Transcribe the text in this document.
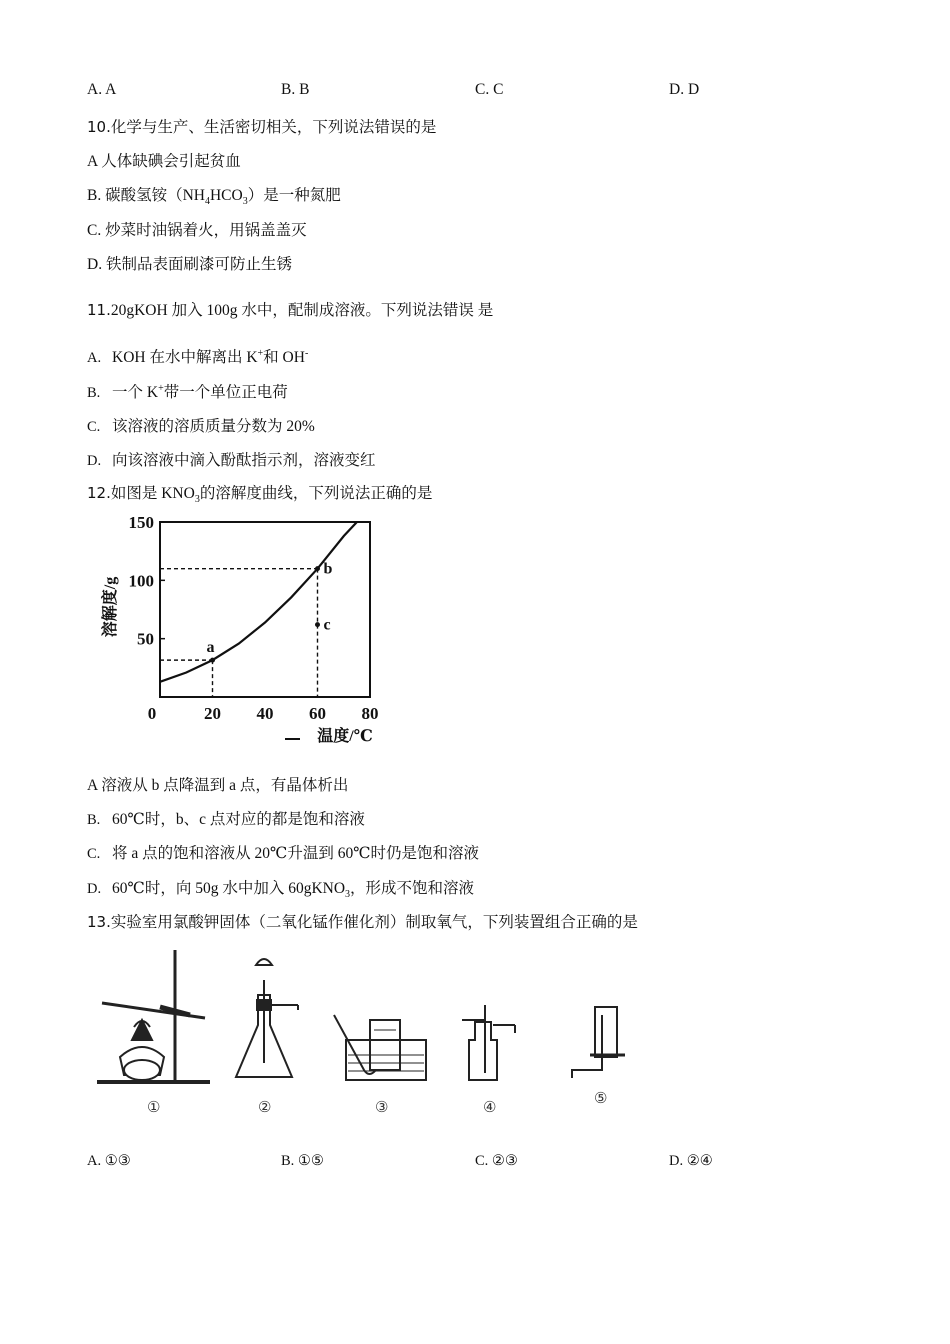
A. A	B. B	C. C	D. D
10.化学与生产、生活密切相关，下列说法错误的是
A 人体缺碘会引起贫血
B. 碳酸氢铵$(NH_4HCO_3)$是一种氮肥
C. 炒菜时油锅着火，用锅盖盖灭
D. 铁制品表面刷漆可防止生锈
11.20gKOH 加入 100g 水中，配制成溶液。下列说法错误 是
A. KOH 在水中解离出 K+和 OH-
B. 一个 K+带一个单位正电荷
C. 该溶液的溶质质量分数为 20%
D. 向该溶液中滴入酚酞指示剂，溶液变红
12.如图是 $KNO_3$的溶解度曲线，下列说法正确的是
50
100
150
0	20 40 60 80
溶解度/g
温度/℃
a
b
c
A 溶液从 b 点降温到 a 点，有晶体析出
B. 60℃时，b、c 点对应的都是饱和溶液
C. 将 a 点的饱和溶液从 20℃升温到 60℃时仍是饱和溶液
D. 60℃时，向 50g 水中加入 60gKNO$_3$，形成不饱和溶液
13.实验室用氯酸钾固体（二氧化锰作催化剂）制取氧气，下列装置组合正确的是
①	②	③	④
⑤
A. ①③	B. ①⑤	C. ②③	D. ②④
